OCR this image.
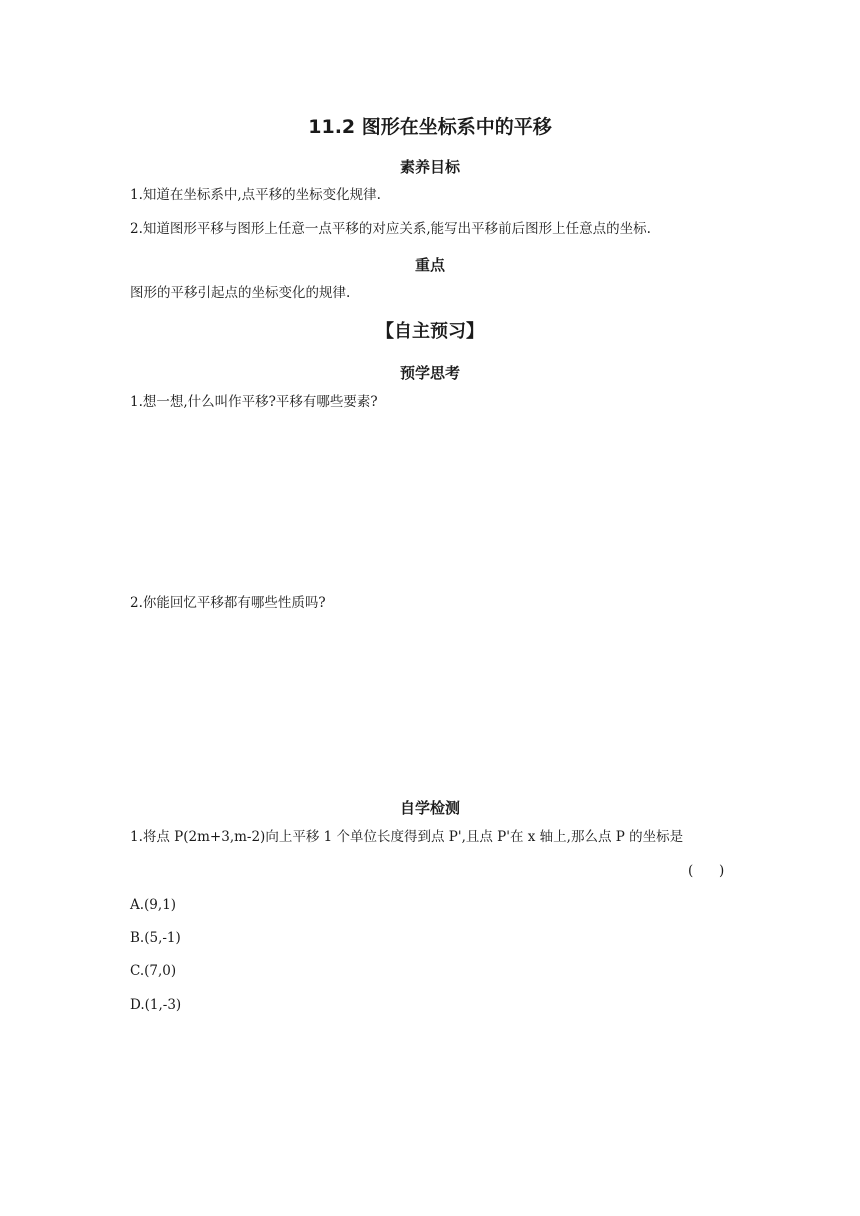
11.2 图形在坐标系中的平移
素养目标

1.知道在坐标系中,点平移的坐标变化规律.

2.知道图形平移与图形上任意一点平移的对应关系,能写出平移前后图形上任意点的坐标.

重点

图形的平移引起点的坐标变化的规律.

【自主预习】
预学思考

1.想一想,什么叫作平移?平移有哪些要素?

2.你能回忆平移都有哪些性质吗?

自学检测

1.将点 P(2m+3,m-2)向上平移 1 个单位长度得到点 P',且点 P'在 x 轴上,那么点 P 的坐标是

(      )

A.(9,1)

B.(5,-1)

C.(7,0)

D.(1,-3)
